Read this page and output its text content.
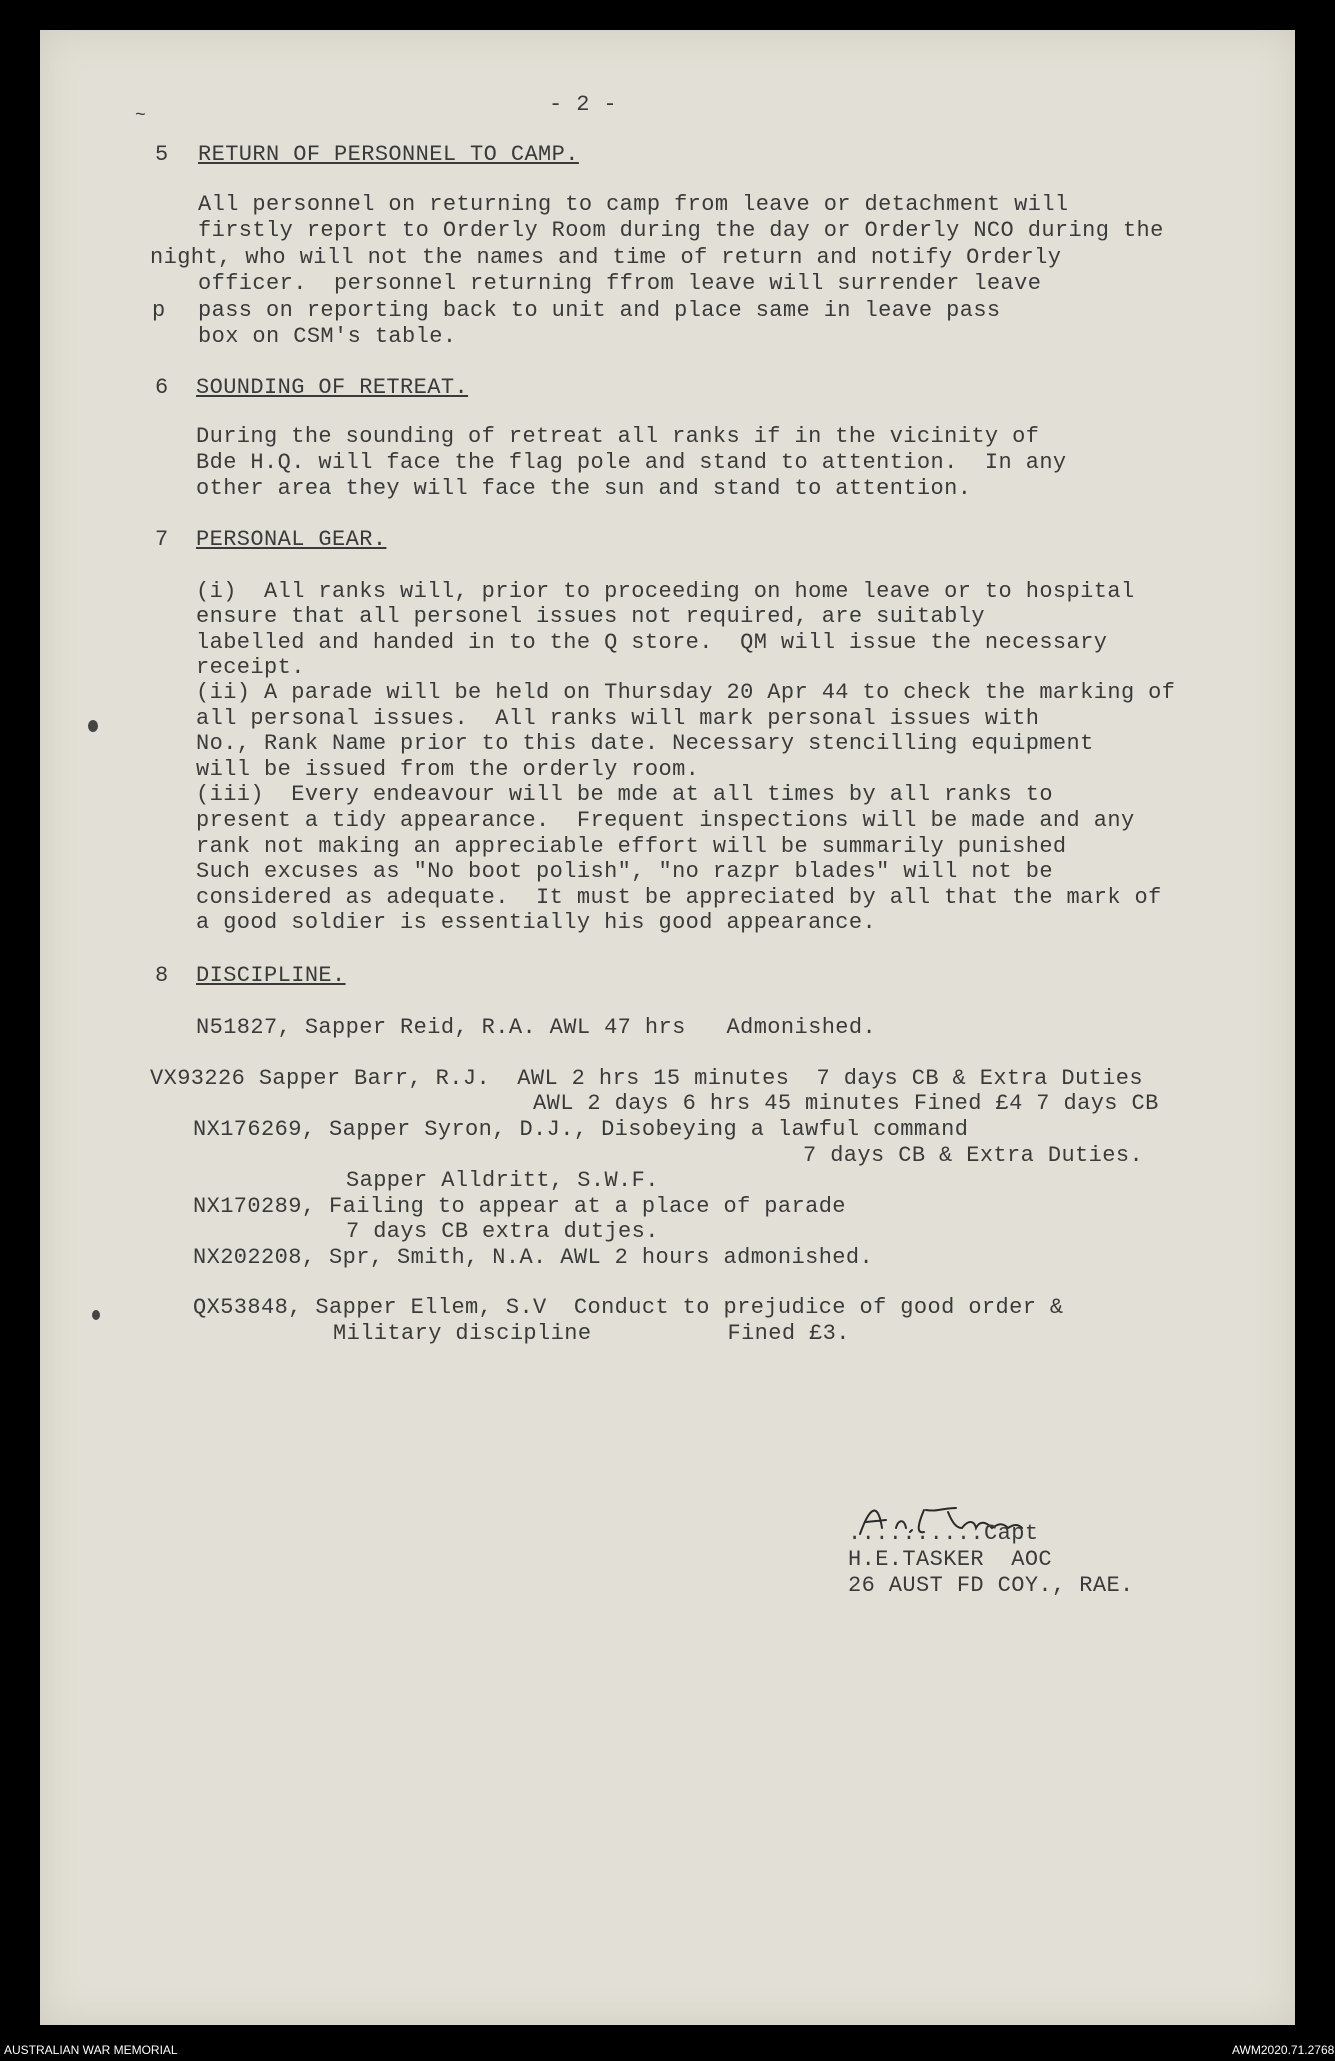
~	- 2 -
5 RETURN OF PERSONNEL TO CAMP.
All personnel on returning to camp from leave or detachment will
firstly report to Orderly Room during the day or Orderly NCO during the
night, who will not the names and time of return and notify Orderly
officer.  personnel returning ffrom leave will surrender leave
p pass on reporting back to unit and place same in leave pass
box on CSM's table.
6 SOUNDING OF RETREAT.
During the sounding of retreat all ranks if in the vicinity of
Bde H.Q. will face the flag pole and stand to attention.  In any
other area they will face the sun and stand to attention.
7 PERSONAL GEAR.
(i)  All ranks will, prior to proceeding on home leave or to hospital
ensure that all personel issues not required, are suitably
labelled and handed in to the Q store.  QM will issue the necessary
receipt.
(ii) A parade will be held on Thursday 20 Apr 44 to check the marking of
all personal issues.  All ranks will mark personal issues with
No., Rank Name prior to this date. Necessary stencilling equipment
will be issued from the orderly room.
(iii)  Every endeavour will be mde at all times by all ranks to
present a tidy appearance.  Frequent inspections will be made and any
rank not making an appreciable effort will be summarily punished
Such excuses as "No boot polish", "no razpr blades" will not be
considered as adequate.  It must be appreciated by all that the mark of
a good soldier is essentially his good appearance.
8 DISCIPLINE.
N51827, Sapper Reid, R.A. AWL 47 hrs   Admonished.
VX93226 Sapper Barr, R.J.  AWL 2 hrs 15 minutes  7 days CB & Extra Duties
AWL 2 days 6 hrs 45 minutes Fined £4 7 days CB
NX176269, Sapper Syron, D.J., Disobeying a lawful command
7 days CB & Extra Duties.
Sapper Alldritt, S.W.F.
NX170289, Failing to appear at a place of parade
7 days CB extra dutjes.
NX202208, Spr, Smith, N.A. AWL 2 hours admonished.
QX53848, Sapper Ellem, S.V  Conduct to prejudice of good order &
Military discipline          Fined £3.
..........Capt
H.E.TASKER  AOC
26 AUST FD COY., RAE.
AUSTRALIAN WAR MEMORIAL	AWM2020.71.2768
